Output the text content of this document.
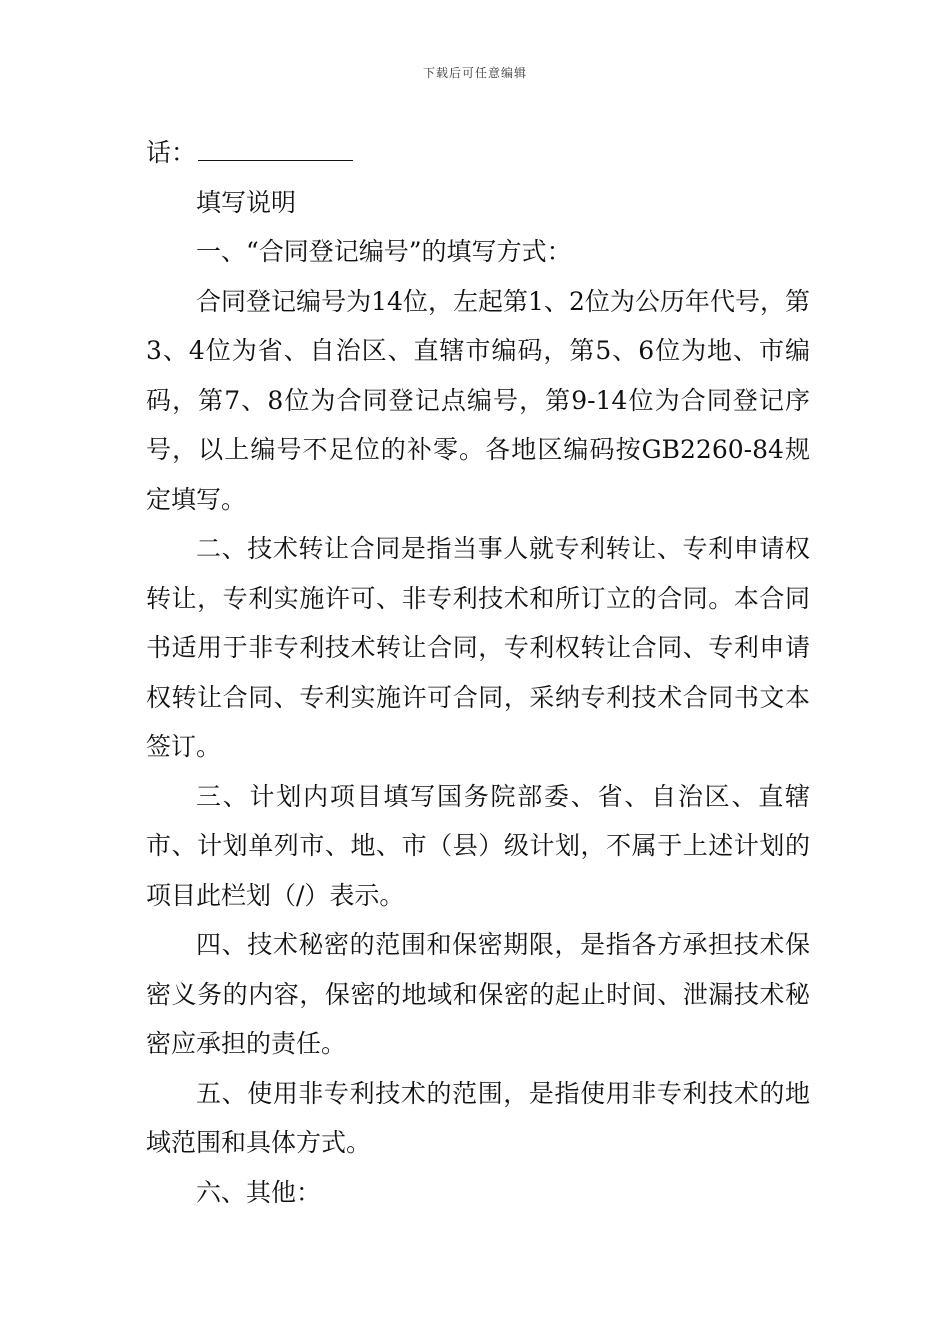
下载后可任意编辑

话：

填写说明

一、“合同登记编号”的填写方式：

合同登记编号为14位，左起第1、2位为公历年代号，第3、4位为省、自治区、直辖市编码，第5、6位为地、市编码，第7、8位为合同登记点编号，第9-14位为合同登记序号，以上编号不足位的补零。各地区编码按GB2260-84规定填写。

二、技术转让合同是指当事人就专利转让、专利申请权转让，专利实施许可、非专利技术和所订立的合同。本合同书适用于非专利技术转让合同，专利权转让合同、专利申请权转让合同、专利实施许可合同，采纳专利技术合同书文本签订。

三、计划内项目填写国务院部委、省、自治区、直辖市、计划单列市、地、市（县）级计划，不属于上述计划的项目此栏划（/）表示。

四、技术秘密的范围和保密期限，是指各方承担技术保密义务的内容，保密的地域和保密的起止时间、泄漏技术秘密应承担的责任。

五、使用非专利技术的范围，是指使用非专利技术的地域范围和具体方式。

六、其他：
